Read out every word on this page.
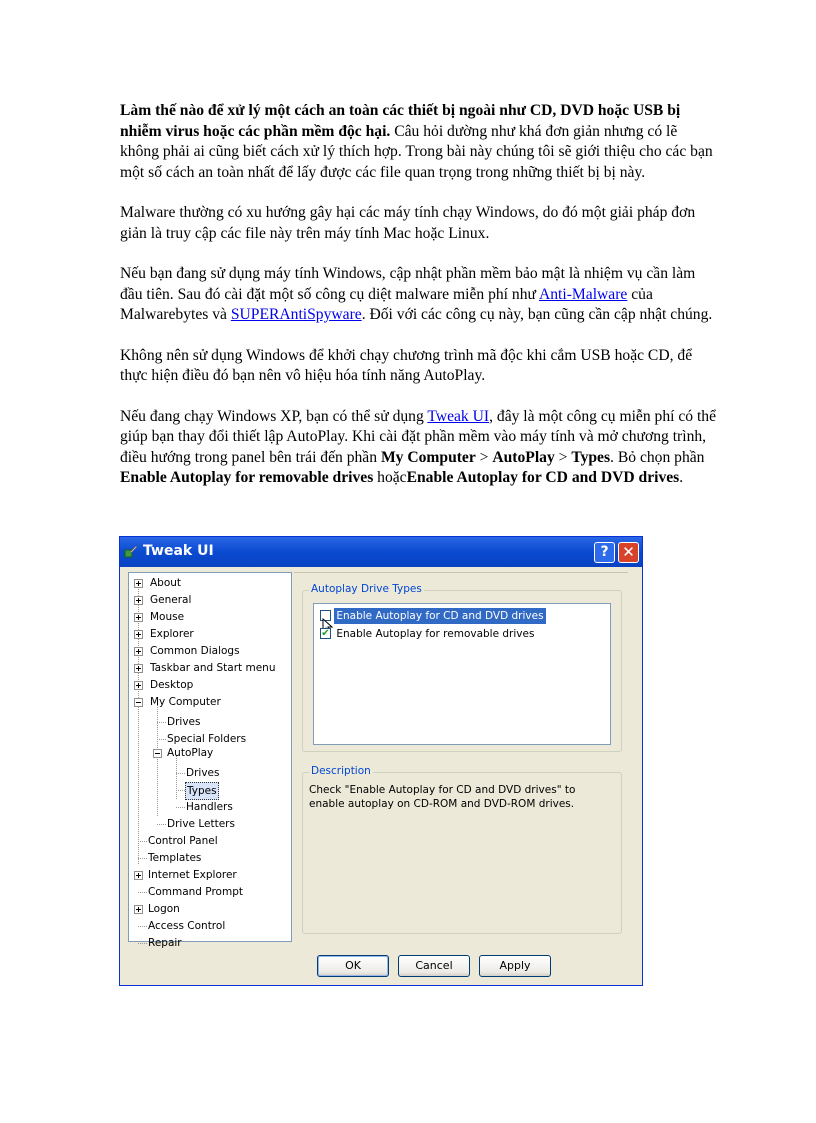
Làm thế nào để xử lý một cách an toàn các thiết bị ngoài như CD, DVD hoặc USB bị nhiễm virus hoặc các phần mềm độc hại. Câu hỏi dường như khá đơn giản nhưng có lẽ không phải ai cũng biết cách xử lý thích hợp. Trong bài này chúng tôi sẽ giới thiệu cho các bạn một số cách an toàn nhất để lấy được các file quan trọng trong những thiết bị bị này.

Malware thường có xu hướng gây hại các máy tính chạy Windows, do đó một giải pháp đơn giản là truy cập các file này trên máy tính Mac hoặc Linux.

Nếu bạn đang sử dụng máy tính Windows, cập nhật phần mềm bảo mật là nhiệm vụ cần làm đầu tiên. Sau đó cài đặt một số công cụ diệt malware miễn phí như Anti-Malware của Malwarebytes và SUPERAntiSpyware. Đối với các công cụ này, bạn cũng cần cập nhật chúng.

Không nên sử dụng Windows để khởi chạy chương trình mã độc khi cắm USB hoặc CD, để thực hiện điều đó bạn nên vô hiệu hóa tính năng AutoPlay.

Nếu đang chạy Windows XP, bạn có thể sử dụng Tweak UI, đây là một công cụ miễn phí có thể giúp bạn thay đổi thiết lập AutoPlay. Khi cài đặt phần mềm vào máy tính và mở chương trình, điều hướng trong panel bên trái đến phần My Computer > AutoPlay > Types. Bỏ chọn phần Enable Autoplay for removable drives hoặcEnable Autoplay for CD and DVD drives.

Tweak UI	? ✕
About
General
Mouse
Explorer
Common Dialogs
Taskbar and Start menu
Desktop
My Computer
Drives
Special Folders
AutoPlay
Drives
Types
Handlers
Drive Letters
Control Panel
Templates
Internet Explorer
Command Prompt
Logon
Access Control
Repair
Autoplay Drive Types
Enable Autoplay for CD and DVD drives
✔ Enable Autoplay for removable drives
Description
Check "Enable Autoplay for CD and DVD drives" to enable autoplay on CD-ROM and DVD-ROM drives.
OK	Cancel	Apply
